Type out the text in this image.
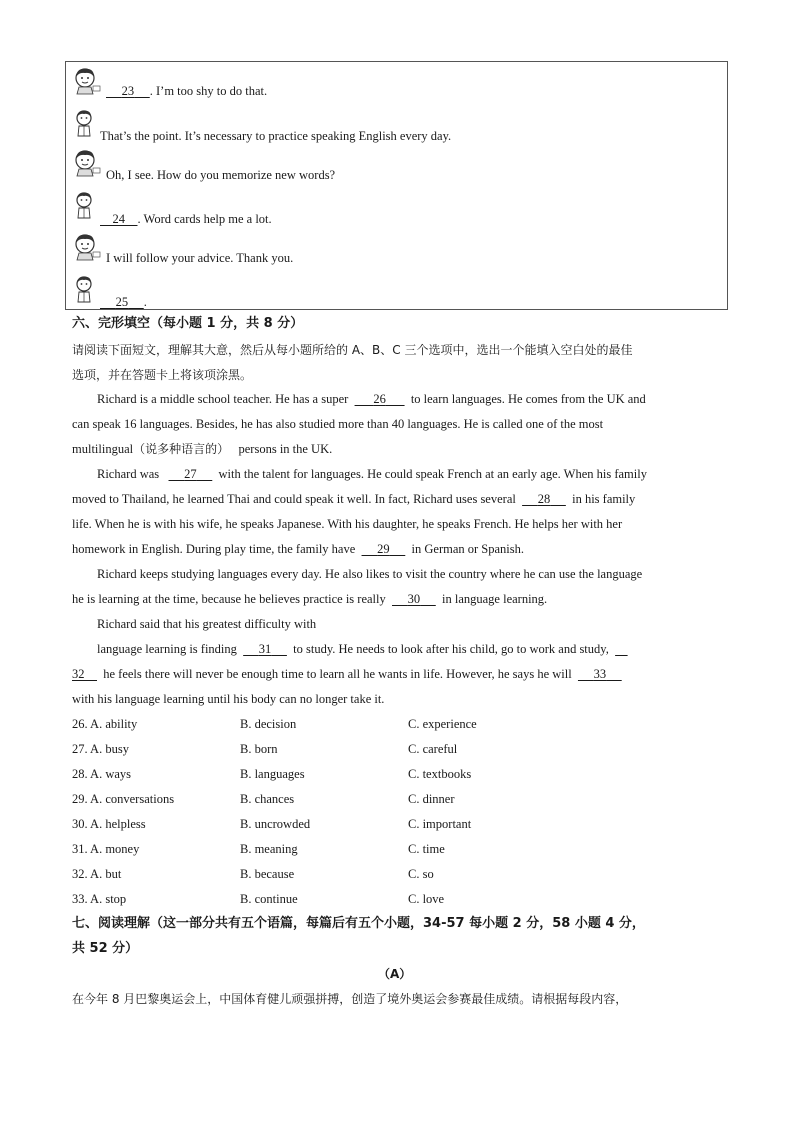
23 . I’m too shy to do that.
That’s the point. It’s necessary to practice speaking English every day.
Oh, I see. How do you memorize new words?
24 . Word cards help me a lot.
I will follow your advice. Thank you.
25 .
六、完形填空（每小题 1 分，共 8 分）
请阅读下面短文，理解其大意，然后从每小题所给的 A、B、C 三个选项中，选出一个能填入空白处的最佳
选项，并在答题卡上将该项涂黑。
Richard is a middle school teacher. He has a super 26 to learn languages. He comes from the UK and
can speak 16 languages. Besides, he has also studied more than 40 languages. He is called one of the most
multilingual（说多种语言的） persons in the UK.
Richard was 27 with the talent for languages. He could speak French at an early age. When his family
moved to Thailand, he learned Thai and could speak it well. In fact, Richard uses several 28 in his family
life. When he is with his wife, he speaks Japanese. With his daughter, he speaks French. He helps her with her
homework in English. During play time, the family have 29 in German or Spanish.
Richard keeps studying languages every day. He also likes to visit the country where he can use the language
he is learning at the time, because he believes practice is really 30 in language learning.
Richard said that his greatest difficulty with
language learning is finding 31 to study. He needs to look after his child, go to work and study,
32 he feels there will never be enough time to learn all he wants in life. However, he says he will 33
with his language learning until his body can no longer take it.
26. A. ability	B. decision	C. experience
27. A. busy	B. born	C. careful
28. A. ways	B. languages	C. textbooks
29. A. conversations	B. chances	C. dinner
30. A. helpless	B. uncrowded	C. important
31. A. money	B. meaning	C. time
32. A. but	B. because	C. so
33. A. stop	B. continue	C. love
七、阅读理解（这一部分共有五个语篇，每篇后有五个小题，34-57 每小题 2 分，58 小题 4 分，
共 52 分）
（A）
在今年 8 月巴黎奥运会上，中国体育健儿顽强拼搏，创造了境外奥运会参赛最佳成绩。请根据每段内容，
